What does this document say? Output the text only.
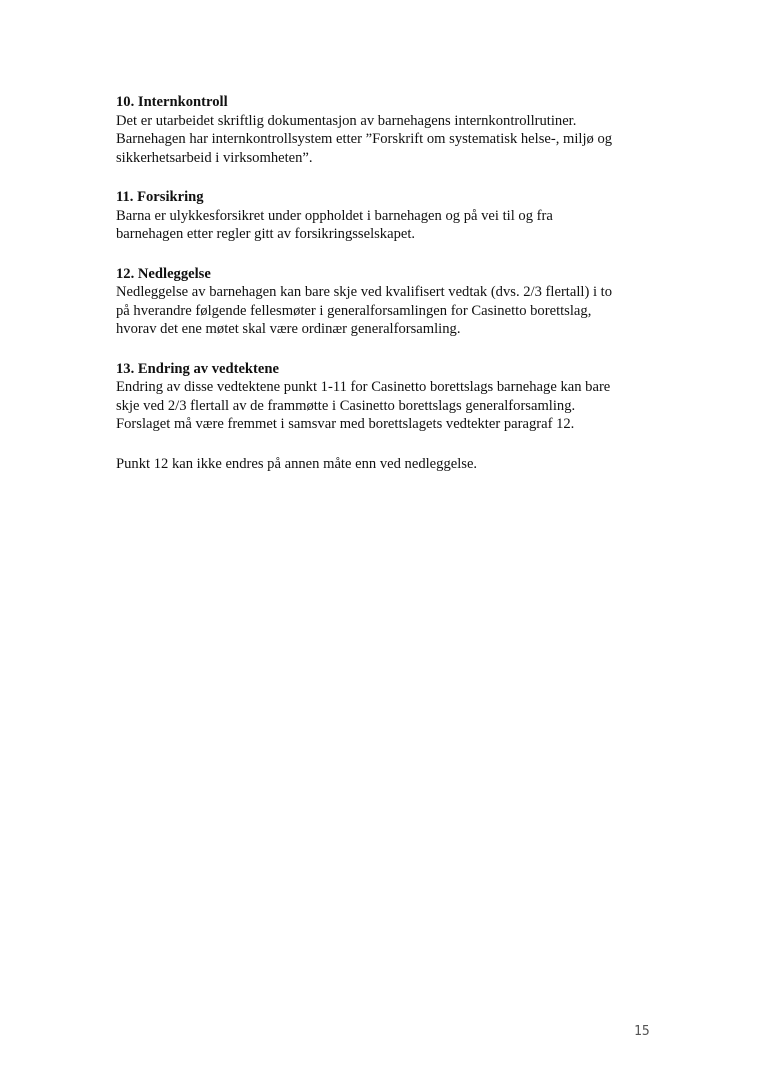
10. Internkontroll

Det er utarbeidet skriftlig dokumentasjon av barnehagens internkontrollrutiner.

Barnehagen har internkontrollsystem etter ”Forskrift om systematisk helse-, miljø og

sikkerhetsarbeid i virksomheten”.

11. Forsikring

Barna er ulykkesforsikret under oppholdet i barnehagen og på vei til og fra

barnehagen etter regler gitt av forsikringsselskapet.

12. Nedleggelse

Nedleggelse av barnehagen kan bare skje ved kvalifisert vedtak (dvs. 2/3 flertall) i to

på hverandre følgende fellesmøter i generalforsamlingen for Casinetto borettslag,

hvorav det ene møtet skal være ordinær generalforsamling.

13. Endring av vedtektene

Endring av disse vedtektene punkt 1-11 for Casinetto borettslags barnehage kan bare

skje ved 2/3 flertall av de frammøtte i Casinetto borettslags generalforsamling.

Forslaget må være fremmet i samsvar med borettslagets vedtekter paragraf 12.

Punkt 12 kan ikke endres på annen måte enn ved nedleggelse.

15
